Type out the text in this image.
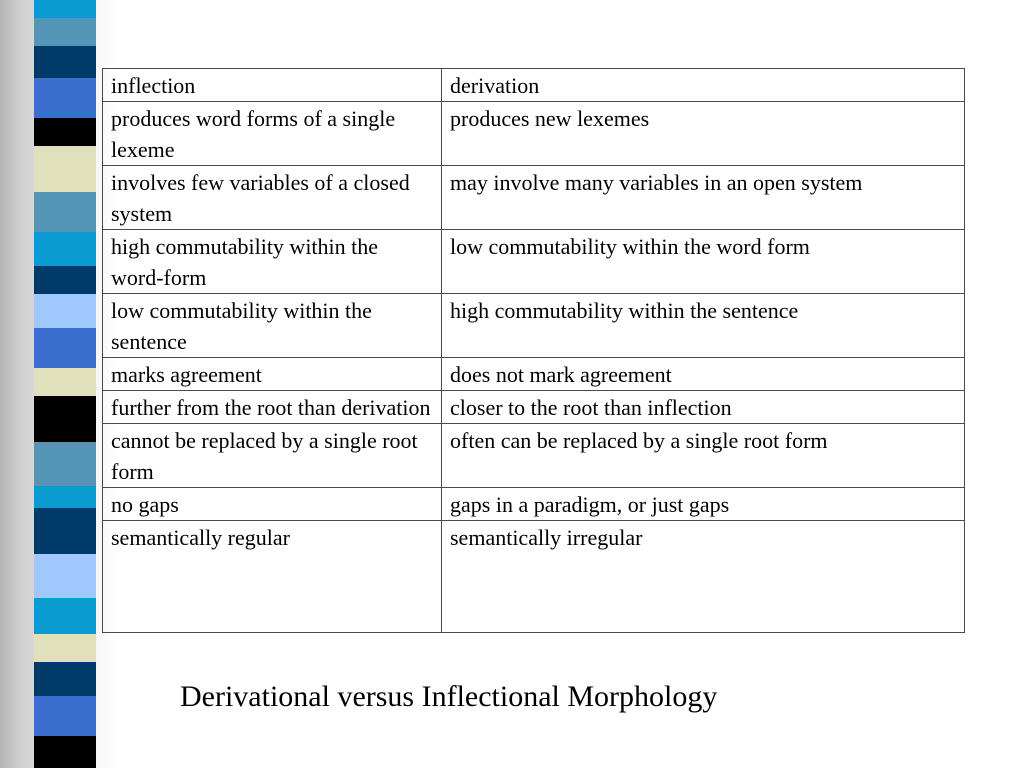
inflection	derivation
produces word forms of a single lexeme	produces new lexemes
involves few variables of a closed system	may involve many variables in an open system
high commutability within the word-form	low commutability within the word form
low commutability within the sentence	high commutability within the sentence
marks agreement	does not mark agreement
further from the root than derivation	closer to the root than inflection
cannot be replaced by a single root form	often can be replaced by a single root form
no gaps	gaps in a paradigm, or just gaps
semantically regular	semantically irregular
Derivational versus Inflectional Morphology
